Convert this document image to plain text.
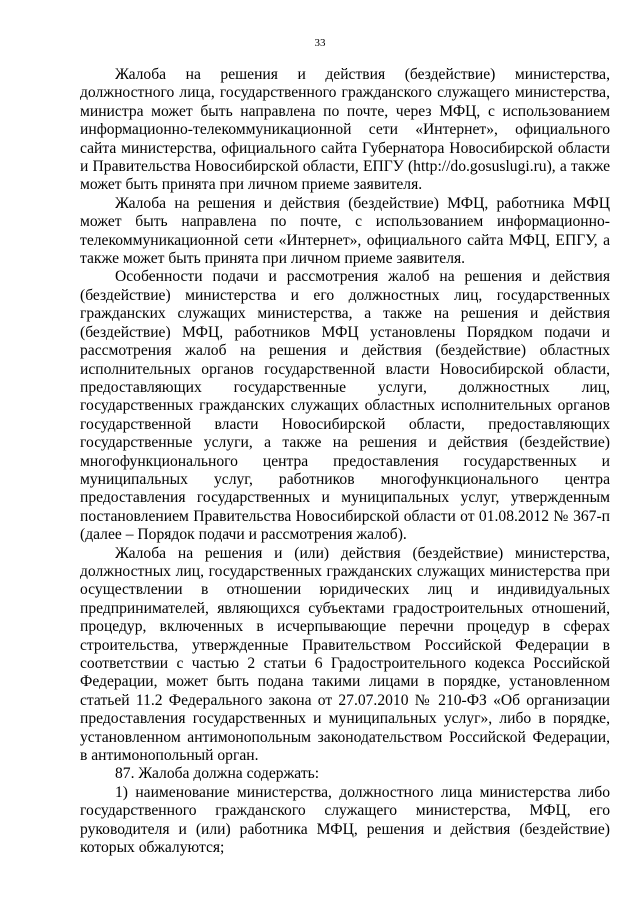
33

Жалоба на решения и действия (бездействие) министерства, должностного лица, государственного гражданского служащего министерства, министра может быть направлена по почте, через МФЦ, с использованием информационно-телекоммуникационной сети «Интернет», официального сайта министерства, официального сайта Губернатора Новосибирской области и Правительства Новосибирской области, ЕПГУ (http://do.gosuslugi.ru), а также может быть принята при личном приеме заявителя.

Жалоба на решения и действия (бездействие) МФЦ, работника МФЦ может быть направлена по почте, с использованием информационно-телекоммуникационной сети «Интернет», официального сайта МФЦ, ЕПГУ, а также может быть принята при личном приеме заявителя.

Особенности подачи и рассмотрения жалоб на решения и действия (бездействие) министерства и его должностных лиц, государственных гражданских служащих министерства, а также на решения и действия (бездействие) МФЦ, работников МФЦ установлены Порядком подачи и рассмотрения жалоб на решения и действия (бездействие) областных исполнительных органов государственной власти Новосибирской области, предоставляющих государственные услуги, должностных лиц, государственных гражданских служащих областных исполнительных органов государственной власти Новосибирской области, предоставляющих государственные услуги, а также на решения и действия (бездействие) многофункционального центра предоставления государственных и муниципальных услуг, работников многофункционального центра предоставления государственных и муниципальных услуг, утвержденным постановлением Правительства Новосибирской области от 01.08.2012 № 367-п (далее – Порядок подачи и рассмотрения жалоб).

Жалоба на решения и (или) действия (бездействие) министерства, должностных лиц, государственных гражданских служащих министерства при осуществлении в отношении юридических лиц и индивидуальных предпринимателей, являющихся субъектами градостроительных отношений, процедур, включенных в исчерпывающие перечни процедур в сферах строительства, утвержденные Правительством Российской Федерации в соответствии с частью 2 статьи 6 Градостроительного кодекса Российской Федерации, может быть подана такими лицами в порядке, установленном статьей 11.2 Федерального закона от 27.07.2010 № 210-ФЗ «Об организации предоставления государственных и муниципальных услуг», либо в порядке, установленном антимонопольным законодательством Российской Федерации, в антимонопольный орган.

87. Жалоба должна содержать:

1) наименование министерства, должностного лица министерства либо государственного гражданского служащего министерства, МФЦ, его руководителя и (или) работника МФЦ, решения и действия (бездействие) которых обжалуются;
